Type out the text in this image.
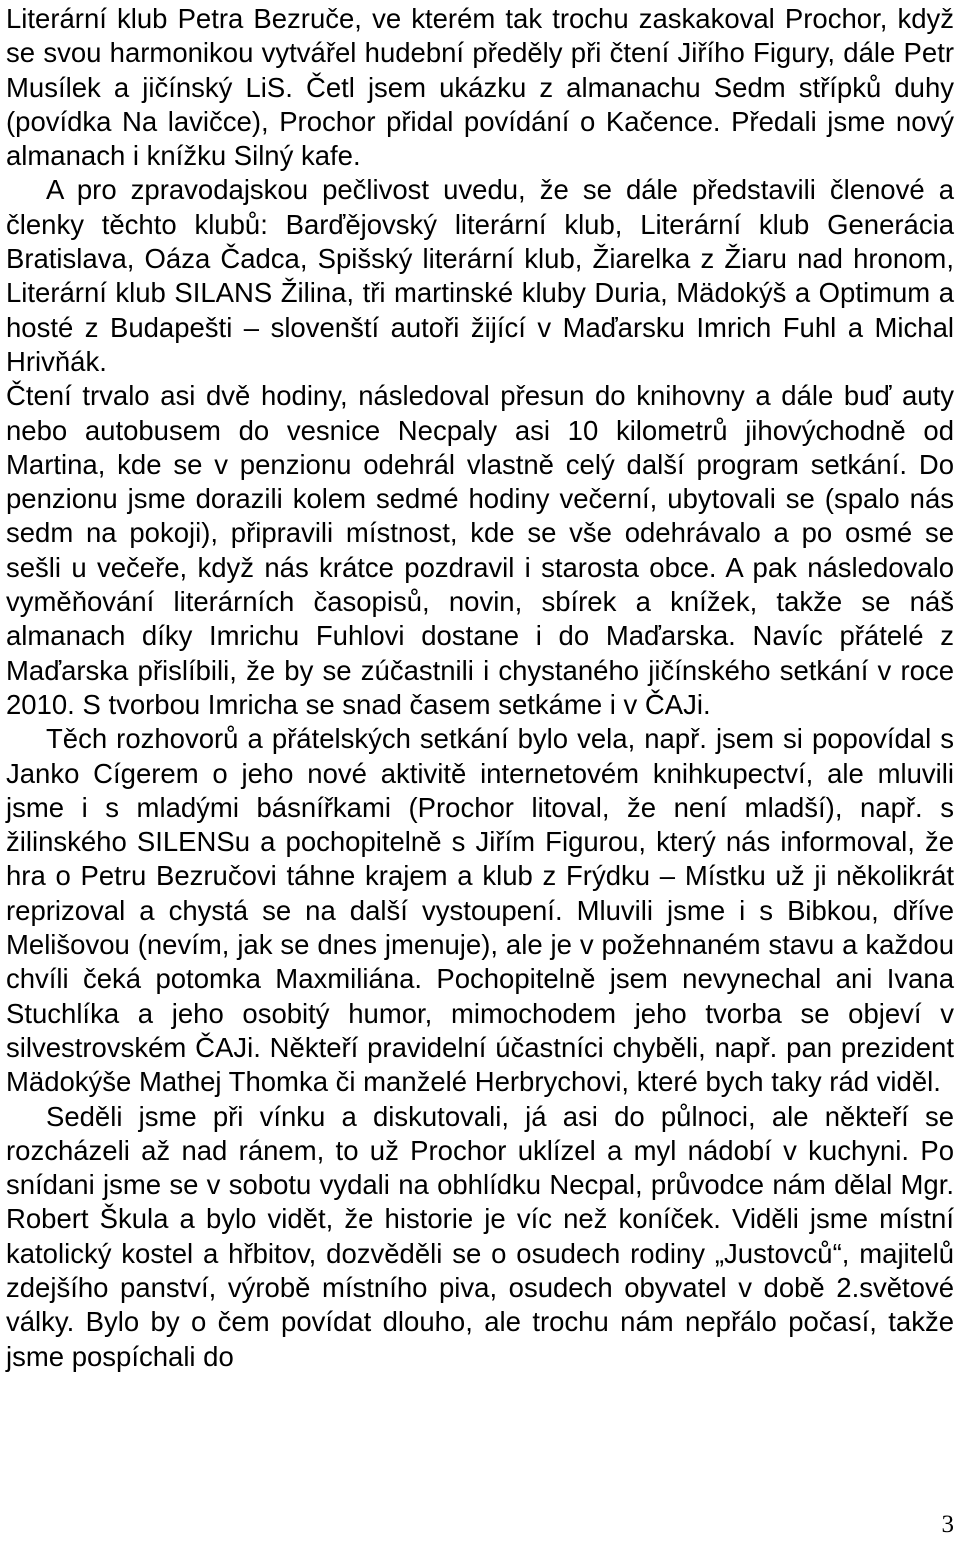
Literární klub Petra Bezruče, ve kterém tak trochu zaskakoval Prochor, když se svou harmonikou vytvářel hudební předěly při čtení Jiřího Figury, dále Petr Musílek a jičínský LiS. Četl jsem ukázku z almanachu Sedm střípků duhy (povídka Na lavičce), Prochor přidal povídání o Kačence. Předali jsme nový almanach i knížku Silný kafe.

A pro zpravodajskou pečlivost uvedu, že se dále představili členové a členky těchto klubů: Barďějovský literární klub, Literární klub Generácia Bratislava, Oáza Čadca, Spišský literární klub, Žiarelka z Žiaru nad hronom, Literární klub SILANS Žilina, tři martinské kluby Duria, Mädokýš a Optimum a hosté z Budapešti – slovenští autoři žijící v Maďarsku Imrich Fuhl a Michal Hrivňák.

Čtení trvalo asi dvě hodiny, následoval přesun do knihovny a dále buď auty nebo autobusem do vesnice Necpaly asi 10 kilometrů jihovýchodně od Martina, kde se v penzionu odehrál vlastně celý další program setkání. Do penzionu jsme dorazili kolem sedmé hodiny večerní, ubytovali se (spalo nás sedm na pokoji), připravili místnost, kde se vše odehrávalo a po osmé se sešli u večeře, když nás krátce pozdravil i starosta obce. A pak následovalo vyměňování literárních časopisů, novin, sbírek a knížek, takže se náš almanach díky Imrichu Fuhlovi dostane i do Maďarska. Navíc přátelé z Maďarska přislíbili, že by se zúčastnili i chystaného jičínského setkání v roce 2010. S tvorbou Imricha se snad časem setkáme i v ČAJi.

Těch rozhovorů a přátelských setkání bylo vela, např. jsem si popovídal s Janko Cígerem o jeho nové aktivitě internetovém knihkupectví, ale mluvili jsme i s mladými básnířkami (Prochor litoval, že není mladší), např. s žilinského SILENSu a pochopitelně s Jiřím Figurou, který nás informoval, že hra o Petru Bezručovi táhne krajem a klub z Frýdku – Místku už ji několikrát reprizoval a chystá se na další vystoupení. Mluvili jsme i s Bibkou, dříve Melišovou (nevím, jak se dnes jmenuje), ale je v požehnaném stavu a každou chvíli čeká potomka Maxmiliána. Pochopitelně jsem nevynechal ani Ivana Stuchlíka a jeho osobitý humor, mimochodem jeho tvorba se objeví v silvestrovském ČAJi. Někteří pravidelní účastníci chyběli, např. pan prezident Mädokýše Mathej Thomka či manželé Herbrychovi, které bych taky rád viděl.

Seděli jsme při vínku a diskutovali, já asi do půlnoci, ale někteří se rozcházeli až nad ránem, to už Prochor uklízel a myl nádobí v kuchyni. Po snídani jsme se v sobotu vydali na obhlídku Necpal, průvodce nám dělal Mgr. Robert Škula a bylo vidět, že historie je víc než koníček. Viděli jsme místní katolický kostel a hřbitov, dozvěděli se o osudech rodiny „Justovců“, majitelů zdejšího panství, výrobě místního piva, osudech obyvatel v době 2.světové války. Bylo by o čem povídat dlouho, ale trochu nám nepřálo počasí, takže jsme pospíchali do

3
